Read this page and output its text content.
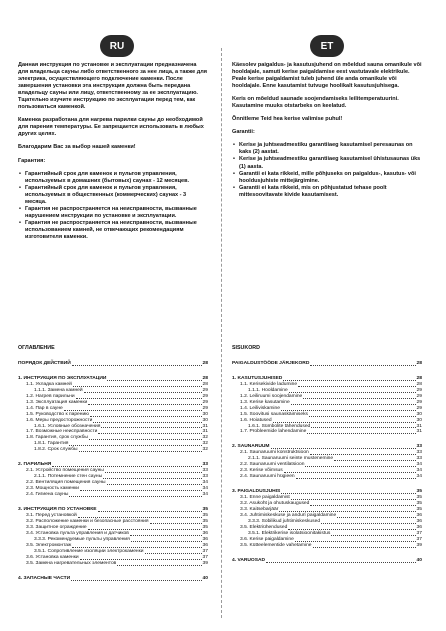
RU	ET

Данная инструкция по установке и эксплуатации предназначена для владельца сауны либо ответственного за нее лица, а также для электрика, осуществляющего подключение каменки. После завершения установки эта инструкция должна быть передана владельцу сауны или лицу, ответственному за ее эксплуатацию. Тщательно изучите инструкцию по эксплуатации перед тем, как пользоваться каменкой.

Каменка разработана для нагрева парилки сауны до необходимой для парения температуры. Ее запрещается использовать в любых других целях.

Благодарим Вас за выбор нашей каменки!

Гарантия:

• Гарантийный срок для каменок и пультов управления, используемых в домашних (бытовых) саунах - 12 месяцев.
• Гарантийный срок для каменок и пультов управления, используемых в общественных (коммерческих) саунах - 3 месяца.
• Гарантия не распространяется на неисправности, вызванные нарушением инструкции по установке и эксплуатации.
• Гарантия не распространяется на неисправности, вызванные использованием камней, не отвечающих рекомендациям изготовителя каменки.

Käesolev paigaldus- ja kasutusjuhend on mõeldud sauna omanikule või hooldajale, samuti kerise paigaldamise eest vastutavale elektrikule. Peale kerise paigaldamist tuleb juhend üle anda omanikule või hooldajale. Enne kasutamist tutvuge hoolikalt kasutusjuhisega.

Keris on mõeldud saunade soojendamiseks leilitemperatuurini. Kasutamine muuks otstarbeks on keelatud.

Õnnitleme Teid hea kerise valimise puhul!

Garantii:

• Kerise ja juhtseadmestiku garantiiaeg kasutamisel peresaunas on kaks (2) aastat.
• Kerise ja juhtseadmestiku garantiiaeg kasutamisel ühistusaunas üks (1) aasta.
• Garantii ei kata rikkeid, mille põhjuseks on paigaldus-, kasutus- või hooldusjuhiste mittejärgimine.
• Garantii ei kata rikkeid, mis on põhjustatud tehase poolt mittesoovitavate kivide kasutamisest.

ОГЛАВЛЕНИЕ

ПОРЯДОК ДЕЙСТВИЙ	28
1. ИНСТРУКЦИЯ ПО ЭКСПЛУАТАЦИИ	28
1.1. Укладка камней	28
1.1.1. Замена камней	29
1.2. Нагрев парильни	29
1.3. Эксплуатация каменки	29
1.4. Пар в сауне	29
1.5. Руководство к парению	30
1.6. Меры предосторожности	30
1.6.1. Условные обозначения	31
1.7. Возможные неисправности	31
1.8. Гарантия, срок службы	32
1.8.1. Гарантия	32
1.8.2. Срок службы	32
2. ПАРИЛЬНЯ	33
2.1. Устройство помещения сауны	33
2.1.1. Потемнение стен сауны	33
2.2. Вентиляция помещения сауны	34
2.3. Мощность каменки	34
2.4. Гигиена сауны	34
3. ИНСТРУКЦИЯ ПО УСТАНОВКЕ	35
3.1. Перед установкой	35
3.2. Расположение каменки и безопасные расстояния	35
3.3. Защитное ограждение	35
3.4. Установка пульта управления и датчиков	36
3.3.3. Рекомендуемые пульты управления	36
3.5. Электромонтаж	36
3.5.1. Сопротивление изоляции электрокаменки	37
3.6. Установка каменки	37
3.5. Замена нагревательных элементов	39
4. ЗАПАСНЫЕ ЧАСТИ	40

SISUKORD

PAIGALDUSTÖÖDE JÄRJEKORD	28
1. KASUTUSJUHISED	28
1.1. Kerisekivide ladumine	28
1.1.1. Hooldamine	29
1.2. Leiliruumi soojendamine	29
1.3. Kerise kasutamine	29
1.4. Leiliviskamine	29
1.5. Soovitusi saunaskäimiseks	30
1.6. Hoiatused	30
1.6.1. Sümbolite tähendused	31
1.7. Probleemide lahendamine	31
2. SAUNARUUM	33
2.1. Saunaruumi konstruktsioon	33
2.1.1. Saunaruumi seinte mustenemine	33
2.2. Saunaruumi ventilatsioon	34
2.3. Kerise võimsus	34
2.4. Saunaruumi hügieen	34
3. PAIGALDUSJUHIS	35
3.1. Enne paigaldamist	35
3.2. Asukoht ja ohutuskaugused	35
3.3. Kaitsebarjäär	35
3.4. Juhtimiskeskuse ja andurí paigaldamine	36
3.3.3. Sobilikud juhtimiskeskused	36
3.5. Elektriühendused	36
3.5.1. Elektrikerise isolatsioonitakistus	37
3.6. Kerise paigaldamine	37
3.5. Kütteelementide vahetamine	39
4. VARUOSAD	40
